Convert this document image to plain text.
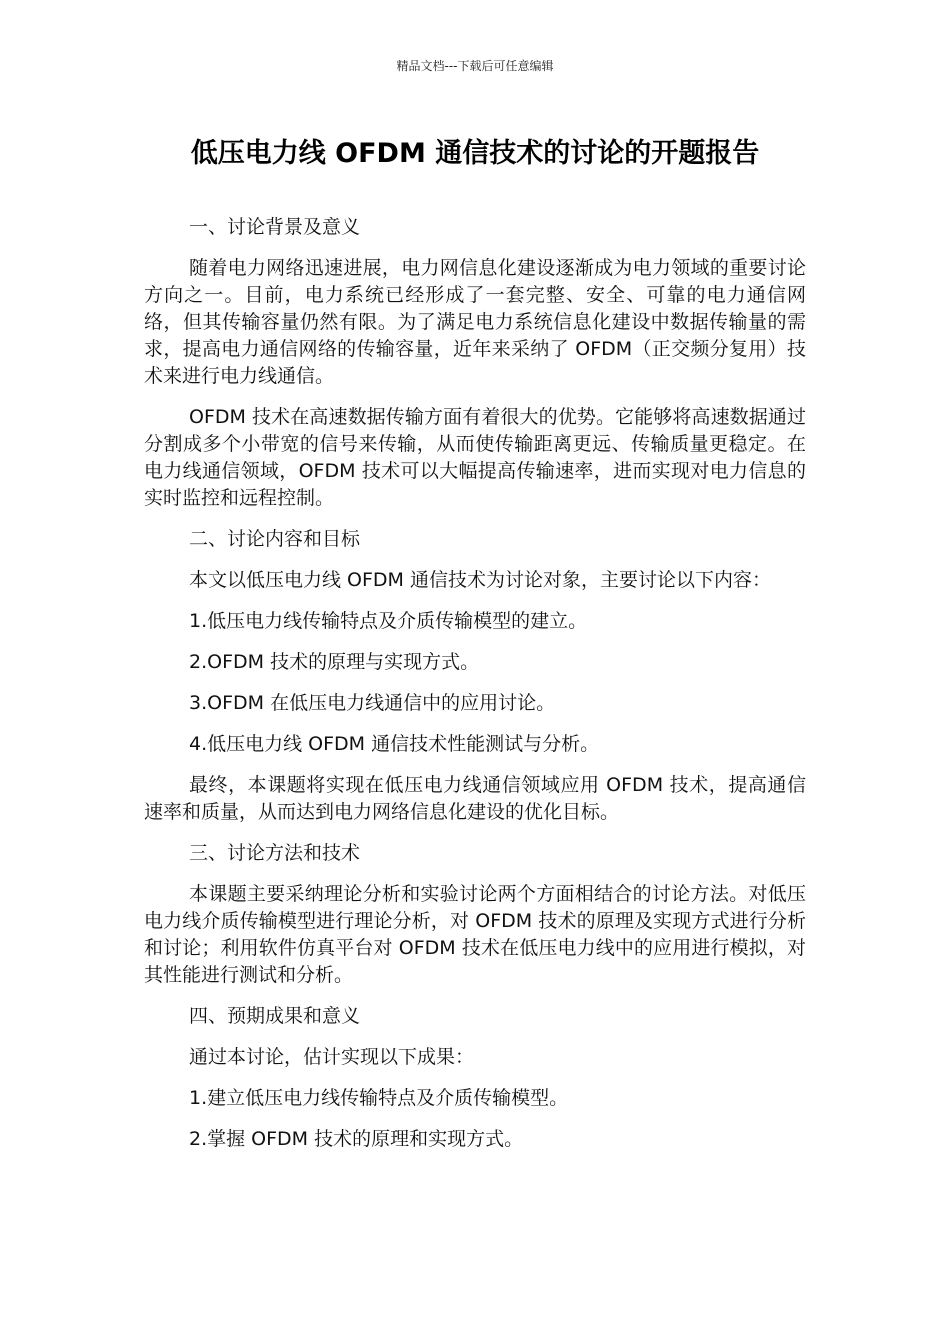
精品文档---下载后可任意编辑
低压电力线 OFDM 通信技术的讨论的开题报告
一、讨论背景及意义
随着电力网络迅速进展，电力网信息化建设逐渐成为电力领域的重要讨论方向之一。目前，电力系统已经形成了一套完整、安全、可靠的电力通信网络，但其传输容量仍然有限。为了满足电力系统信息化建设中数据传输量的需求，提高电力通信网络的传输容量，近年来采纳了 OFDM（正交频分复用）技术来进行电力线通信。
OFDM 技术在高速数据传输方面有着很大的优势。它能够将高速数据通过分割成多个小带宽的信号来传输，从而使传输距离更远、传输质量更稳定。在电力线通信领域，OFDM 技术可以大幅提高传输速率，进而实现对电力信息的实时监控和远程控制。
二、讨论内容和目标
本文以低压电力线 OFDM 通信技术为讨论对象，主要讨论以下内容：
1.低压电力线传输特点及介质传输模型的建立。
2.OFDM 技术的原理与实现方式。
3.OFDM 在低压电力线通信中的应用讨论。
4.低压电力线 OFDM 通信技术性能测试与分析。
最终，本课题将实现在低压电力线通信领域应用 OFDM 技术，提高通信速率和质量，从而达到电力网络信息化建设的优化目标。
三、讨论方法和技术
本课题主要采纳理论分析和实验讨论两个方面相结合的讨论方法。对低压电力线介质传输模型进行理论分析，对 OFDM 技术的原理及实现方式进行分析和讨论；利用软件仿真平台对 OFDM 技术在低压电力线中的应用进行模拟，对其性能进行测试和分析。
四、预期成果和意义
通过本讨论，估计实现以下成果：
1.建立低压电力线传输特点及介质传输模型。
2.掌握 OFDM 技术的原理和实现方式。
